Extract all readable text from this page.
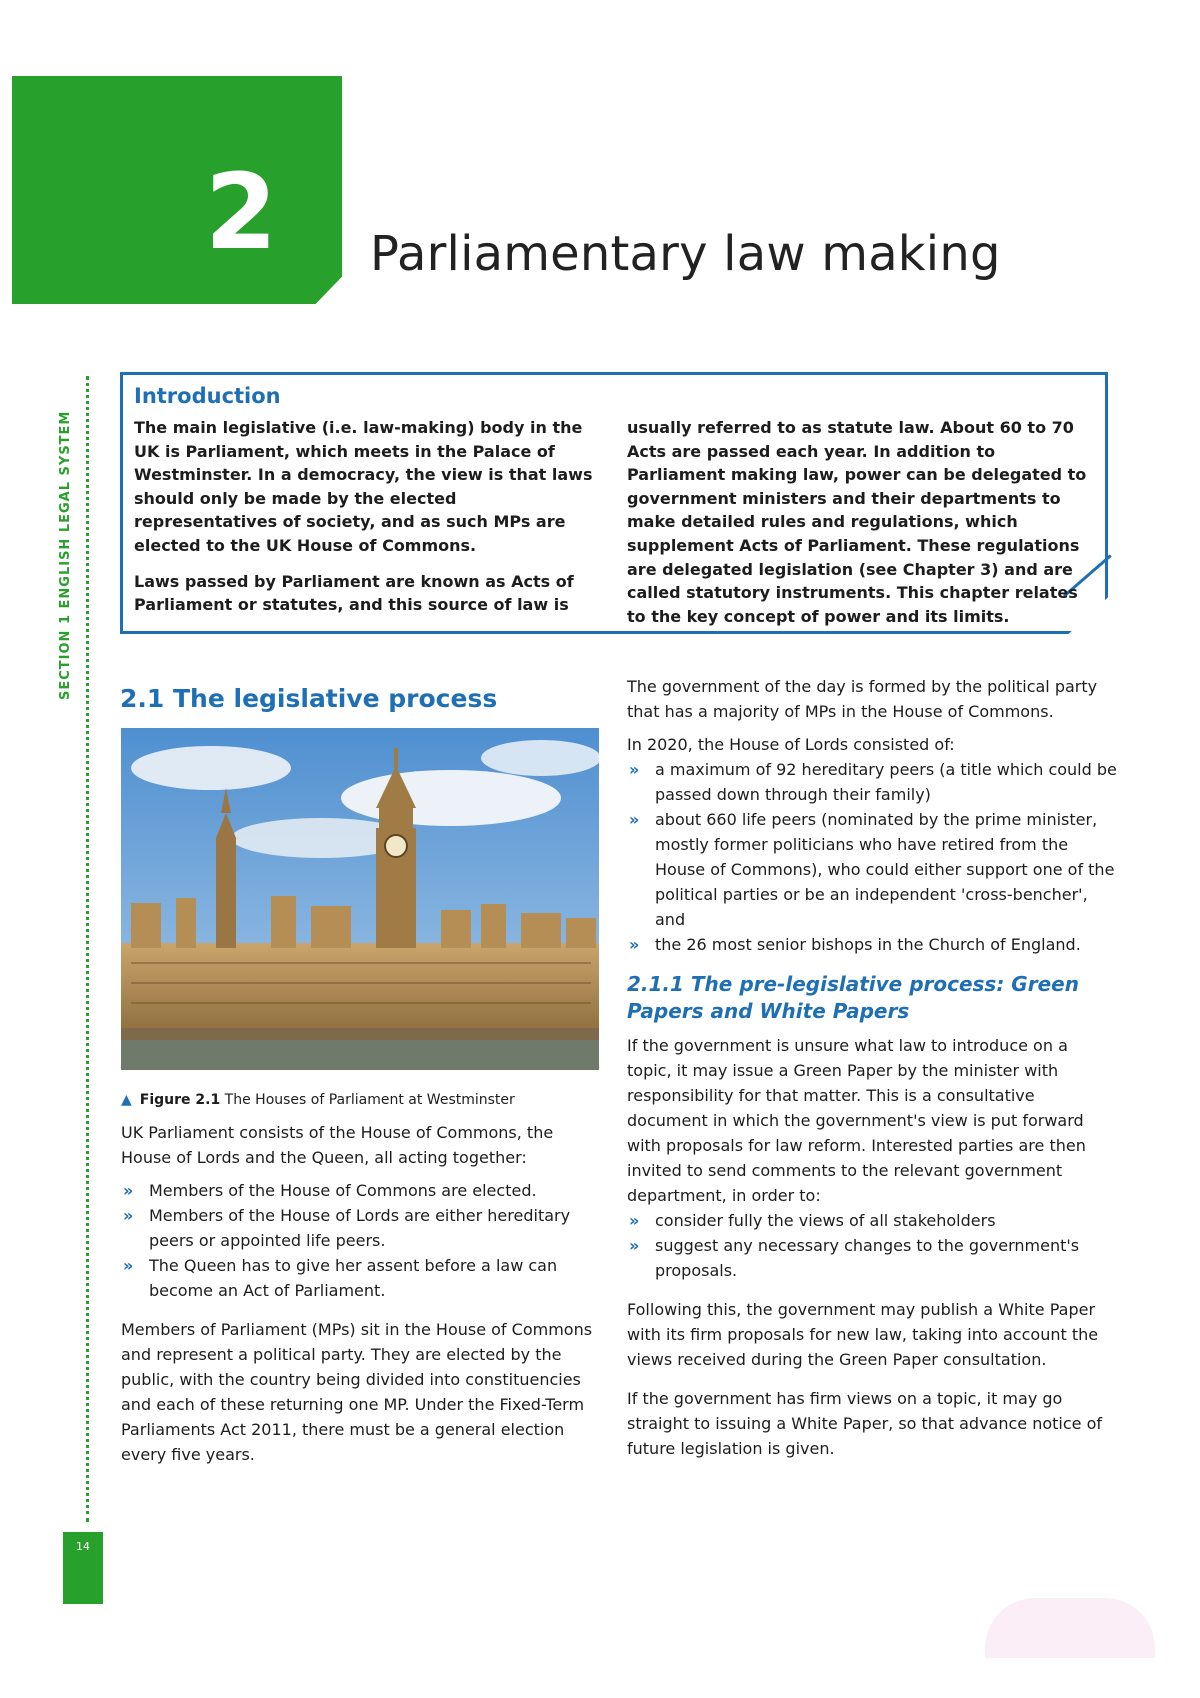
2 Parliamentary law making
SECTION 1 ENGLISH LEGAL SYSTEM
14
Introduction

The main legislative (i.e. law-making) body in the UK is Parliament, which meets in the Palace of Westminster. In a democracy, the view is that laws should only be made by the elected representatives of society, and as such MPs are elected to the UK House of Commons.

Laws passed by Parliament are known as Acts of Parliament or statutes, and this source of law is

usually referred to as statute law. About 60 to 70 Acts are passed each year. In addition to Parliament making law, power can be delegated to government ministers and their departments to make detailed rules and regulations, which supplement Acts of Parliament. These regulations are delegated legislation (see Chapter 3) and are called statutory instruments. This chapter relates to the key concept of power and its limits.

2.1 The legislative process
▲ Figure 2.1 The Houses of Parliament at Westminster

UK Parliament consists of the House of Commons, the House of Lords and the Queen, all acting together:

» Members of the House of Commons are elected.
» Members of the House of Lords are either hereditary peers or appointed life peers.
» The Queen has to give her assent before a law can become an Act of Parliament.

Members of Parliament (MPs) sit in the House of Commons and represent a political party. They are elected by the public, with the country being divided into constituencies and each of these returning one MP. Under the Fixed-Term Parliaments Act 2011, there must be a general election every five years.

The government of the day is formed by the political party that has a majority of MPs in the House of Commons.

In 2020, the House of Lords consisted of:

» a maximum of 92 hereditary peers (a title which could be passed down through their family)
» about 660 life peers (nominated by the prime minister, mostly former politicians who have retired from the House of Commons), who could either support one of the political parties or be an independent 'cross-bencher', and
» the 26 most senior bishops in the Church of England.
2.1.1 The pre-legislative process: Green Papers and White Papers

If the government is unsure what law to introduce on a topic, it may issue a Green Paper by the minister with responsibility for that matter. This is a consultative document in which the government's view is put forward with proposals for law reform. Interested parties are then invited to send comments to the relevant government department, in order to:

» consider fully the views of all stakeholders
» suggest any necessary changes to the government's proposals.

Following this, the government may publish a White Paper with its firm proposals for new law, taking into account the views received during the Green Paper consultation.

If the government has firm views on a topic, it may go straight to issuing a White Paper, so that advance notice of future legislation is given.
